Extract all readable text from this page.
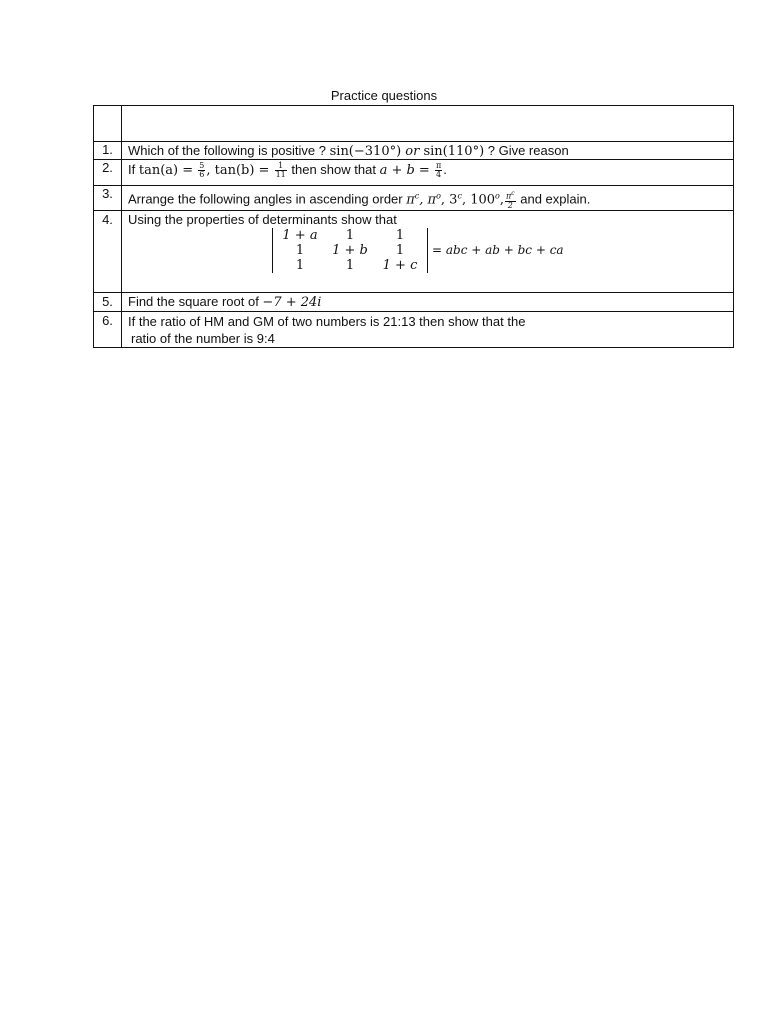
Practice questions

1.	Which of the following is positive ? sin(−310°) or sin(110°) ? Give reason
2.	If $\tan(a) = \frac{5}{6}$ , $\tan(b) = \frac{1}{11}$ then show that $a + b = \frac{\pi}{4}$ .
3.	Arrange the following angles in ascending order $\pi^c$, $\pi^o$, 3$^c$, 100$^o$, $\frac{\pi^c}{2}$ and explain.
4.	Using the properties of determinants show that
1 + a	1	1
1	1 + b	1
1	1	1 + c
= abc + ab + bc + ca

5.	Find the square root of −7 + 24i
6.	If the ratio of HM and GM of two numbers is 21:13 then show that the
ratio of the number is 9:4
